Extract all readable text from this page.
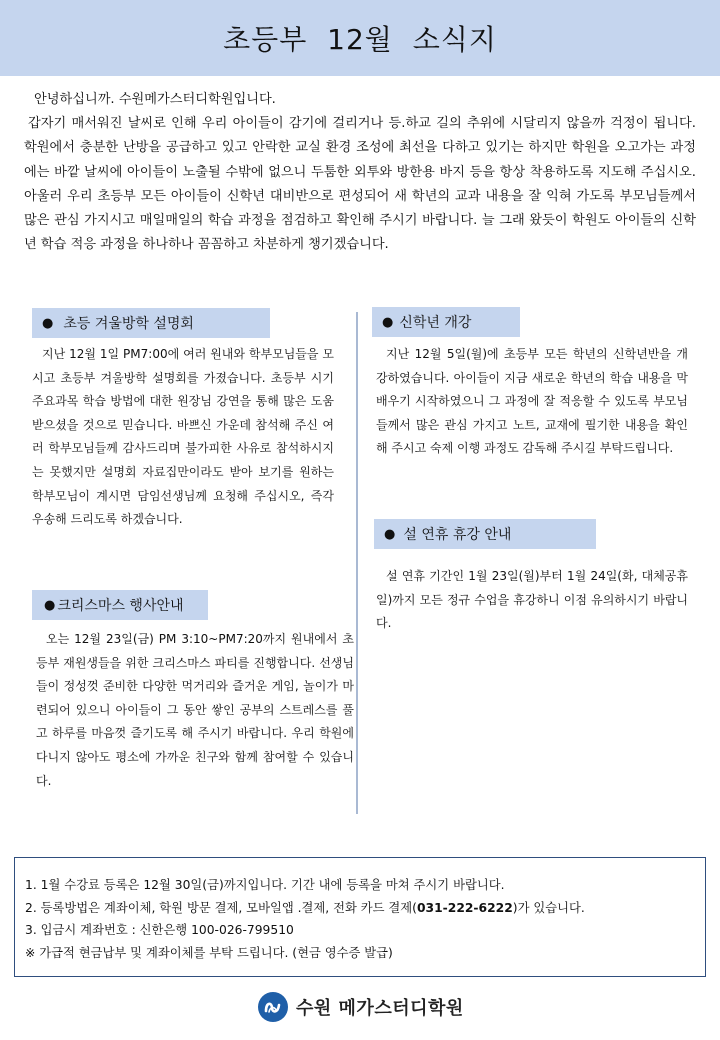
초등부 12월 소식지

안녕하십니까. 수원메가스터디학원입니다.

갑자기 매서워진 날씨로 인해 우리 아이들이 감기에 걸리거나 등.하교 길의 추위에 시달리지 않을까 걱정이 됩니다. 학원에서 충분한 난방을 공급하고 있고 안락한 교실 환경 조성에 최선을 다하고 있기는 하지만 학원을 오고가는 과정에는 바깥 날씨에 아이들이 노출될 수밖에 없으니 두툼한 외투와 방한용 바지 등을 항상 착용하도록 지도해 주십시오. 아울러 우리 초등부 모든 아이들이 신학년 대비반으로 편성되어 새 학년의 교과 내용을 잘 익혀 가도록 부모님들께서 많은 관심 가지시고 매일매일의 학습 과정을 점검하고 확인해 주시기 바랍니다. 늘 그래 왔듯이 학원도 아이들의 신학년 학습 적응 과정을 하나하나 꼼꼼하고 차분하게 챙기겠습니다.

● 초등 겨울방학 설명회

지난 12월 1일 PM7:00에 여러 원내와 학부모님들을 모시고 초등부 겨울방학 설명회를 가졌습니다. 초등부 시기 주요과목 학습 방법에 대한 원장님 강연을 통해 많은 도움 받으셨을 것으로 믿습니다. 바쁘신 가운데 참석해 주신 여러 학부모님들께 감사드리며 불가피한 사유로 참석하시지는 못했지만 설명회 자료집만이라도 받아 보기를 원하는 학부모님이 계시면 담임선생님께 요청해 주십시오, 즉각 우송해 드리도록 하겠습니다.

● 크리스마스 행사안내

오는 12월 23일(금) PM 3:10~PM7:20까지 원내에서 초등부 재원생들을 위한 크리스마스 파티를 진행합니다. 선생님들이 정성껏 준비한 다양한 먹거리와 즐거운 게임, 놀이가 마련되어 있으니 아이들이 그 동안 쌓인 공부의 스트레스를 풀고 하루를 마음껏 즐기도록 해 주시기 바랍니다. 우리 학원에 다니지 않아도 평소에 가까운 친구와 함께 참여할 수 있습니다.

● 신학년 개강

지난 12월 5일(월)에 초등부 모든 학년의 신학년반을 개강하였습니다. 아이들이 지금 새로운 학년의 학습 내용을 막 배우기 시작하였으니 그 과정에 잘 적응할 수 있도록 부모님들께서 많은 관심 가지고 노트, 교재에 필기한 내용을 확인해 주시고 숙제 이행 과정도 감독해 주시길 부탁드립니다.

● 설 연휴 휴강 안내

설 연휴 기간인 1월 23일(월)부터 1월 24일(화, 대체공휴일)까지 모든 정규 수업을 휴강하니 이점 유의하시기 바랍니다.

1. 1월 수강료 등록은 12월 30일(금)까지입니다. 기간 내에 등록을 마쳐 주시기 바랍니다.
2. 등록방법은 계좌이체, 학원 방문 결제, 모바일앱 .결제, 전화 카드 결제(031-222-6222)가 있습니다.
3. 입금시 계좌번호 : 신한은행 100-026-799510
※ 가급적 현금납부 및 계좌이체를 부탁 드립니다. (현금 영수증 발급)
수원 메가스터디학원
